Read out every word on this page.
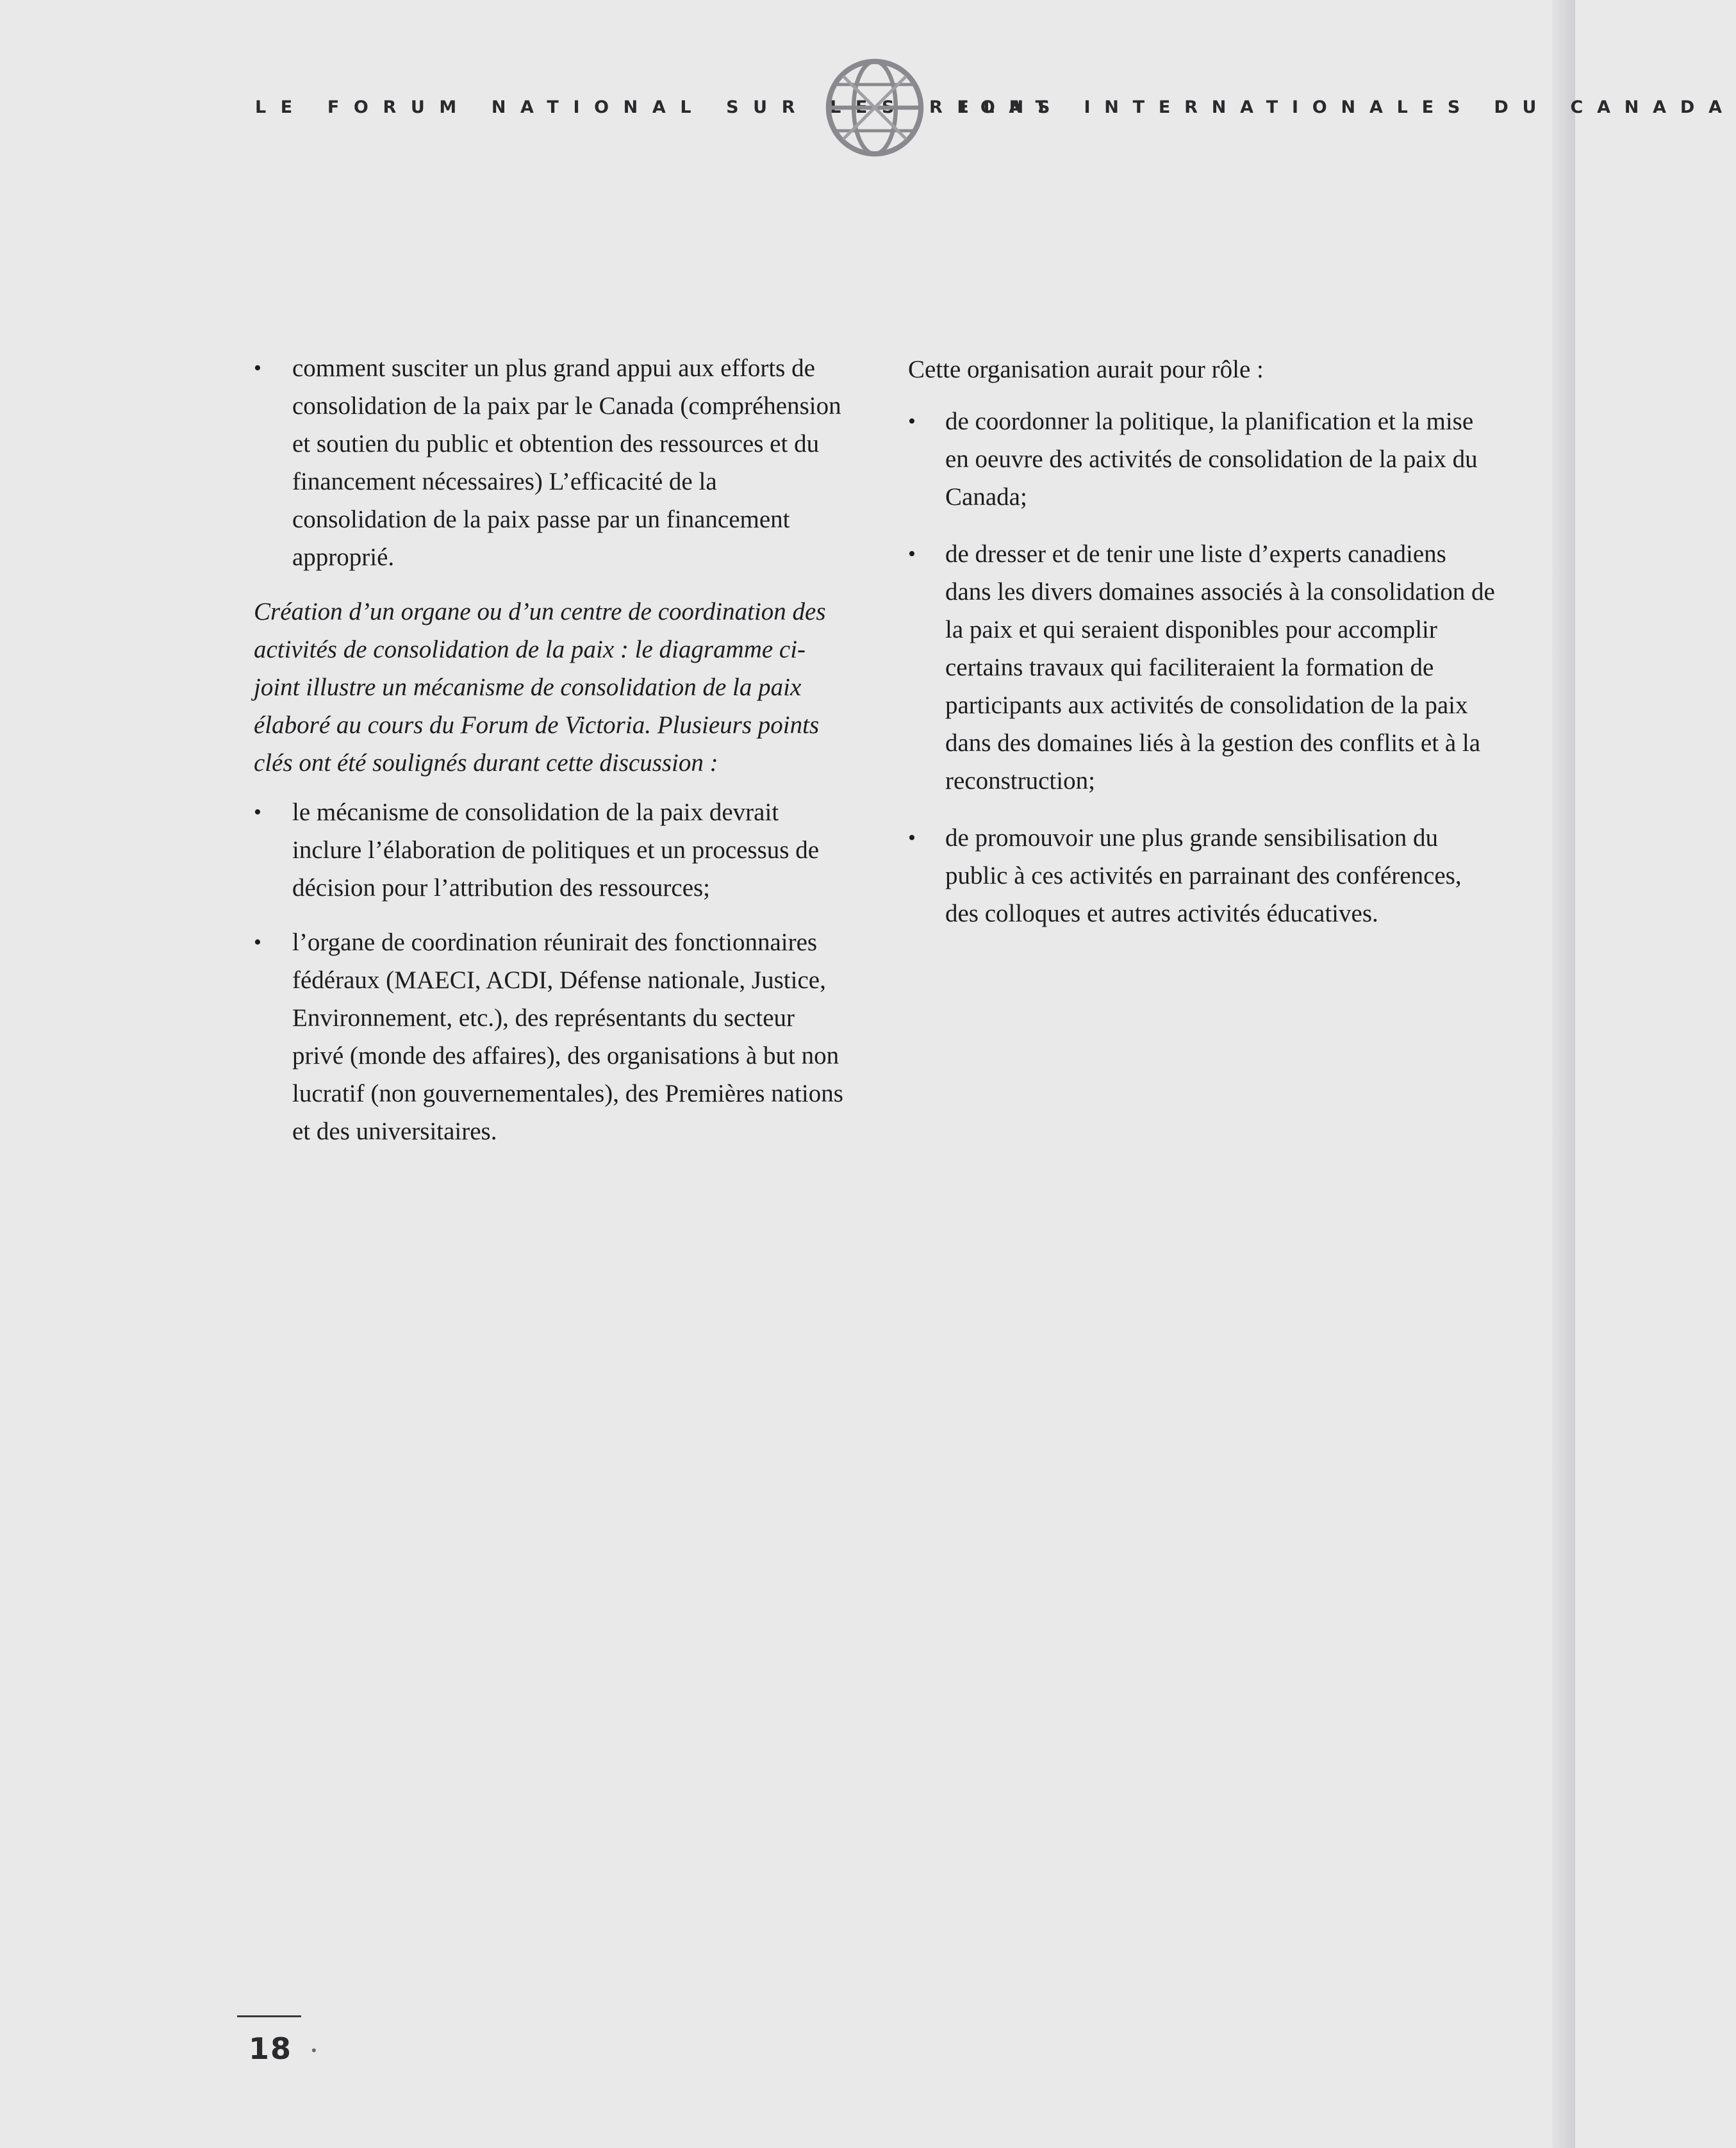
LE FORUM NATIONAL SUR LES RELAT
IONS INTERNATIONALES DU CANADA
•	comment susciter un plus grand appui aux efforts de consolidation de la paix par le Canada (compréhension et soutien du public et obtention des ressources et du financement nécessaires) L’efficacité de la consolidation de la paix passe par un financement approprié.

Création d’un organe ou d’un centre de coordination des activités de consolidation de la paix : le diagramme ci-joint illustre un mécanisme de consolidation de la paix élaboré au cours du Forum de Victoria. Plusieurs points clés ont été soulignés durant cette discussion :

•	le mécanisme de consolidation de la paix devrait inclure l’élaboration de politiques et un processus de décision pour l’attribution des ressources;
•	l’organe de coordination réunirait des fonctionnaires fédéraux (MAECI, ACDI, Défense nationale, Justice, Environnement, etc.), des représentants du secteur privé (monde des affaires), des organisations à but non lucratif (non gouvernementales), des Premières nations et des universitaires.

Cette organisation aurait pour rôle :

•	de coordonner la politique, la planification et la mise en oeuvre des activités de consolidation de la paix du Canada;
•	de dresser et de tenir une liste d’experts canadiens dans les divers domaines associés à la consolidation de la paix et qui seraient disponibles pour accomplir certains travaux qui faciliteraient la formation de participants aux activités de consolidation de la paix dans des domaines liés à la gestion des conflits et à la reconstruction;
•	de promouvoir une plus grande sensibilisation du public à ces activités en parrainant des conférences, des colloques et autres activités éducatives.
18 •
